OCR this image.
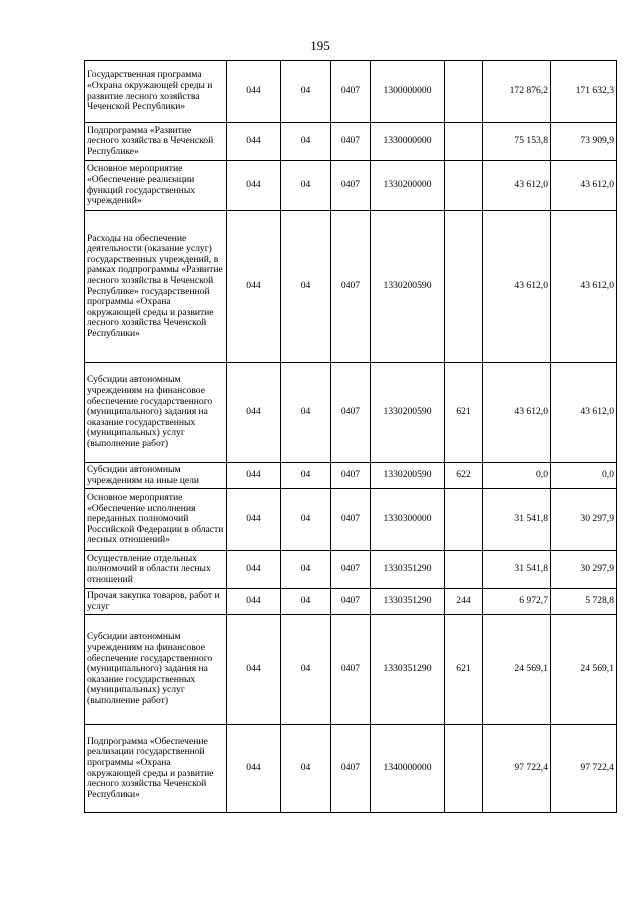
195
Государственная программа «Охрана окружающей среды и развитие лесного хозяйства Чеченской Республики»	044	04	0407	1300000000		172 876,2	171 632,3
Подпрограмма «Развитие лесного хозяйства в Чеченской Республике»	044	04	0407	1330000000		75 153,8	73 909,9
Основное мероприятие «Обеспечение реализации функций государственных учреждений»	044	04	0407	1330200000		43 612,0	43 612,0
Расходы на обеспечение деятельности (оказание услуг) государственных учреждений, в рамках подпрограммы «Развитие лесного хозяйства в Чеченской Республике» государственной программы «Охрана окружающей среды и развитие лесного хозяйства Чеченской Республики»	044	04	0407	1330200590		43 612,0	43 612,0
Субсидии автономным учреждениям на финансовое обеспечение государственного (муниципального) задания на оказание государственных (муниципальных) услуг (выполнение работ)	044	04	0407	1330200590	621	43 612,0	43 612,0
Субсидии автономным учреждениям на иные цели	044	04	0407	1330200590	622	0,0	0,0
Основное мероприятие «Обеспечение исполнения переданных полномочий Российской Федерации в области лесных отношений»	044	04	0407	1330300000		31 541,8	30 297,9
Осуществление отдельных полномочий в области лесных отношений	044	04	0407	1330351290		31 541,8	30 297,9
Прочая закупка товаров, работ и услуг	044	04	0407	1330351290	244	6 972,7	5 728,8
Субсидии автономным учреждениям на финансовое обеспечение государственного (муниципального) задания на оказание государственных (муниципальных) услуг (выполнение работ)	044	04	0407	1330351290	621	24 569,1	24 569,1
Подпрограмма «Обеспечение реализации государственной программы «Охрана окружающей среды и развитие лесного хозяйства Чеченской Республики»	044	04	0407	1340000000		97 722,4	97 722,4
